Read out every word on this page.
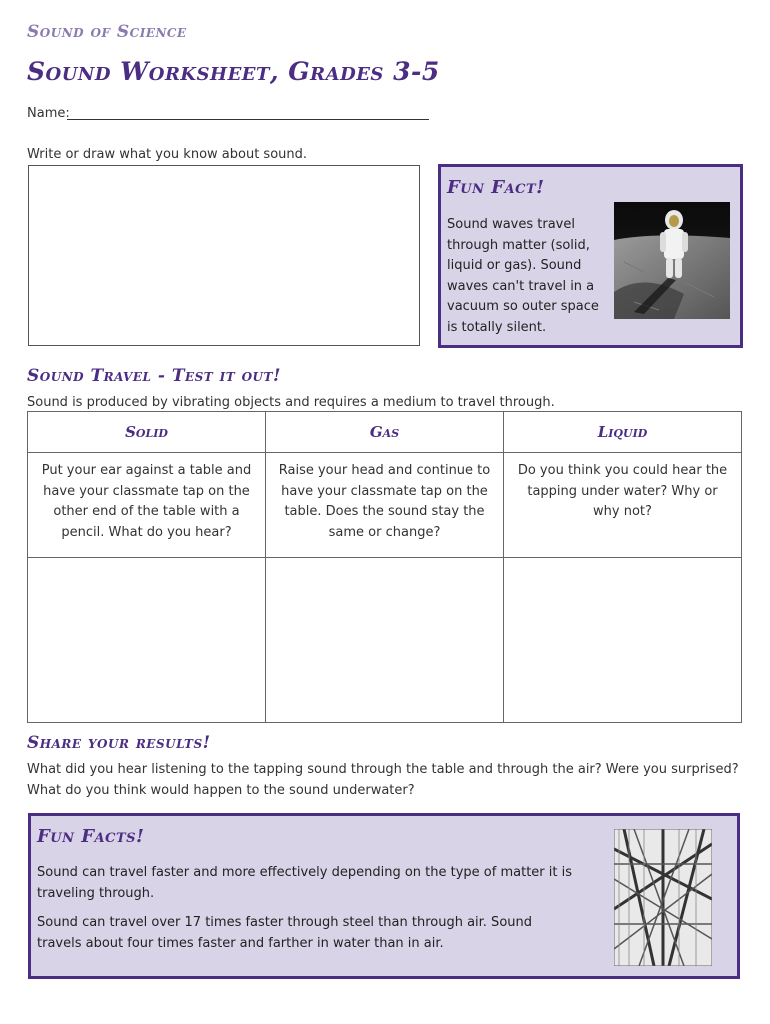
Sound of Science
Sound Worksheet, Grades 3-5
Name:
Write or draw what you know about sound.
Fun Fact!
Sound waves travel through matter (solid, liquid or gas). Sound waves can't travel in a vacuum so outer space is totally silent.
Sound Travel - Test it out!
Sound is produced by vibrating objects and requires a medium to travel through.
Solid	Gas	Liquid
Put your ear against a table and have your classmate tap on the other end of the table with a pencil. What do you hear?	Raise your head and continue to have your classmate tap on the table. Does the sound stay the same or change?	Do you think you could hear the tapping under water? Why or why not?

Share your results!
What did you hear listening to the tapping sound through the table and through the air? Were you surprised? What do you think would happen to the sound underwater?
Fun Facts!
Sound can travel faster and more effectively depending on the type of matter it is traveling through.
Sound can travel over 17 times faster through steel than through air. Sound travels about four times faster and farther in water than in air.
